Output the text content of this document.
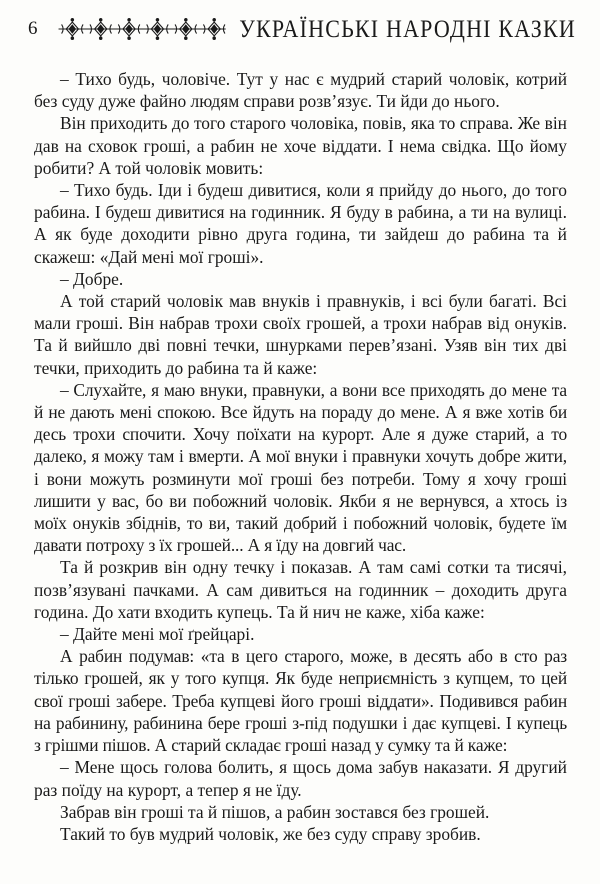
6	УКРАЇНСЬКІ НАРОДНІ КАЗКИ

– Тихо будь, чоловіче. Тут у нас є мудрий старий чоловік, котрий без суду дуже файно людям справи розв’язує. Ти йди до нього.

Він приходить до того старого чоловіка, повів, яка то справа. Же він дав на сховок гроші, а рабин не хоче віддати. І нема свідка. Що йому робити? А той чоловік мовить:

– Тихо будь. Іди і будеш дивитися, коли я прийду до нього, до того рабина. І будеш дивитися на годинник. Я буду в рабина, а ти на вулиці. А як буде доходити рівно друга година, ти зайдеш до рабина та й скажеш: «Дай мені мої гроші».

– Добре.

А той старий чоловік мав внуків і правнуків, і всі були багаті. Всі мали гроші. Він набрав трохи своїх грошей, а трохи набрав від онуків. Та й вийшло дві повні течки, шнурками перев’язані. Узяв він тих дві течки, приходить до рабина та й каже:

– Слухайте, я маю внуки, правнуки, а вони все приходять до мене та й не дають мені спокою. Все йдуть на пораду до мене. А я вже хотів би десь трохи спочити. Хочу поїхати на курорт. Але я дуже старий, а то далеко, я можу там і вмерти. А мої внуки і правнуки хочуть добре жити, і вони можуть розминути мої гроші без потреби. Тому я хочу гроші лишити у вас, бо ви побожний чоловік. Якби я не вернувся, а хтось із моїх онуків збіднів, то ви, такий добрий і побожний чоловік, будете їм давати потроху з їх грошей... А я їду на довгий час.

Та й розкрив він одну течку і показав. А там самі сотки та тисячі, позв’язувані пачками. А сам дивиться на годинник – доходить друга година. До хати входить купець. Та й нич не каже, хіба каже:

– Дайте мені мої ґрейцарі.

А рабин подумав: «та в цего старого, може, в десять або в сто раз тілько грошей, як у того купця. Як буде неприємність з купцем, то цей свої гроші забере. Треба купцеві його гроші віддати». Подивився рабин на рабинину, рабинина бере гроші з-під подушки і дає купцеві. І купець з грішми пішов. А старий складає гроші назад у сумку та й каже:

– Мене щось голова болить, я щось дома забув наказати. Я другий раз поїду на курорт, а тепер я не їду.

Забрав він гроші та й пішов, а рабин зостався без грошей.

Такий то був мудрий чоловік, же без суду справу зробив.
